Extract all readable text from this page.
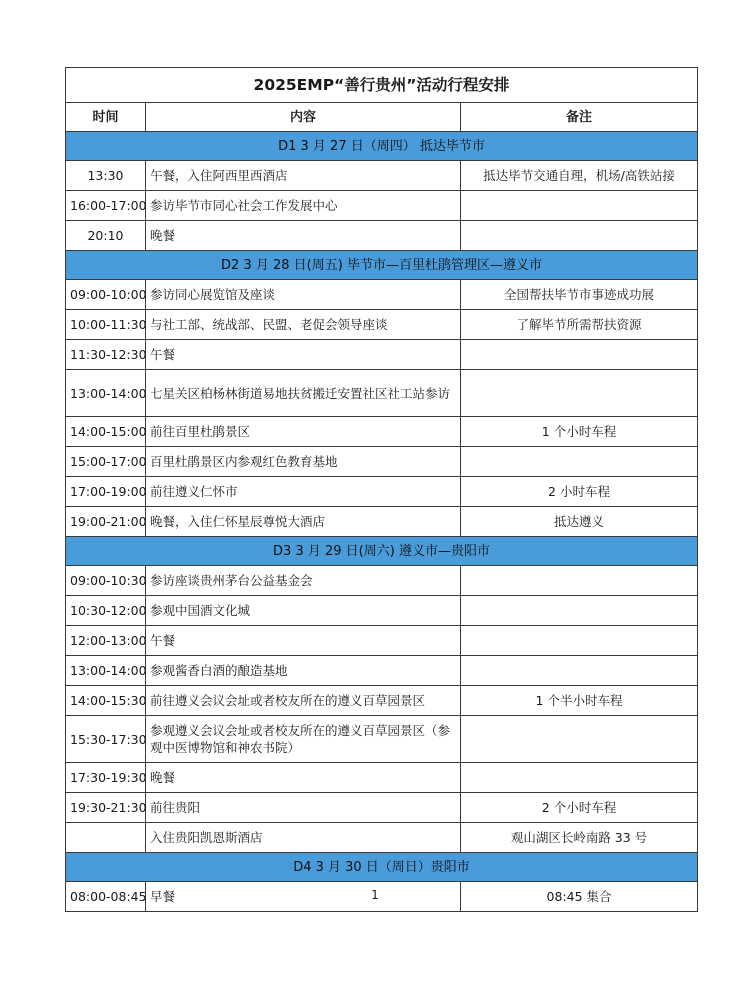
2025EMP“善行贵州”活动行程安排		
时间	内容	备注
D1 3 月 27 日（周四） 抵达毕节市		
13:30	午餐，入住阿西里西酒店	抵达毕节交通自理，机场/高铁站接
16:00-17:00	参访毕节市同心社会工作发展中心	
20:10	晚餐	
D2 3 月 28 日(周五) 毕节市—百里杜鹃管理区—遵义市		
09:00-10:00	参访同心展览馆及座谈	全国帮扶毕节市事迹成功展
10:00-11:30	与社工部、统战部、民盟、老促会领导座谈	了解毕节所需帮扶资源
11:30-12:30	午餐	
13:00-14:00	七星关区柏杨林街道易地扶贫搬迁安置社区社工站参访	
14:00-15:00	前往百里杜鹃景区	1 个小时车程
15:00-17:00	百里杜鹃景区内参观红色教育基地	
17:00-19:00	前往遵义仁怀市	2 小时车程
19:00-21:00	晚餐，入住仁怀星辰尊悦大酒店	抵达遵义
D3 3 月 29 日(周六) 遵义市—贵阳市		
09:00-10:30	参访座谈贵州茅台公益基金会	
10:30-12:00	参观中国酒文化城	
12:00-13:00	午餐	
13:00-14:00	参观酱香白酒的酿造基地	
14:00-15:30	前往遵义会议会址或者校友所在的遵义百草园景区	1 个半小时车程
15:30-17:30	参观遵义会议会址或者校友所在的遵义百草园景区（参观中医博物馆和神农书院）	
17:30-19:30	晚餐	
19:30-21:30	前往贵阳	2 个小时车程
	入住贵阳凯恩斯酒店	观山湖区长岭南路 33 号
D4 3 月 30 日（周日）贵阳市		
08:00-08:45	早餐	08:45 集合
1
